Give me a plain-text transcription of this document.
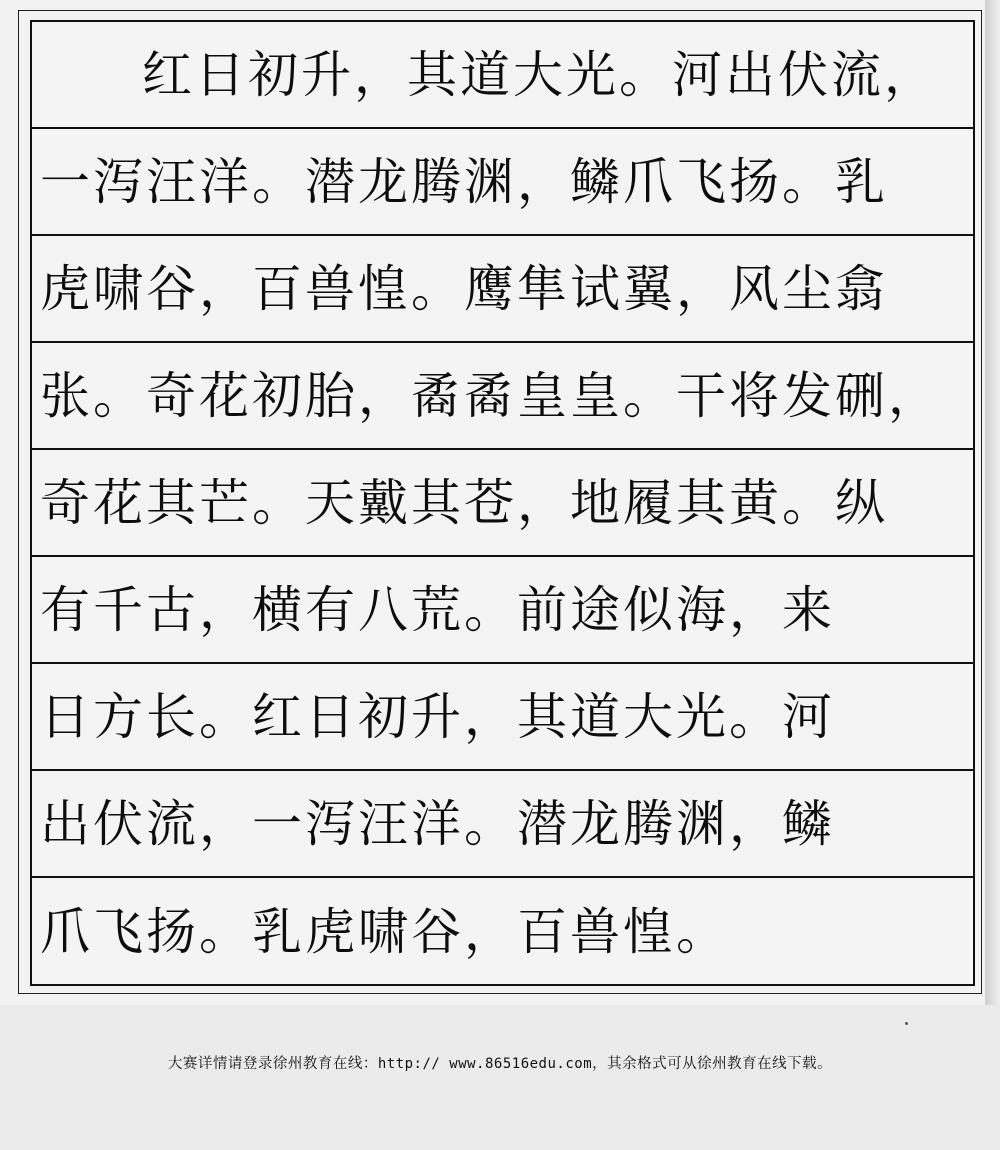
红日初升，其道大光。河出伏流，
一泻汪洋。潜龙腾渊，鳞爪飞扬。乳
虎啸谷，百兽惶。鹰隼试翼，风尘翕
张。奇花初胎，矞矞皇皇。干将发硎，
奇花其芒。天戴其苍，地履其黄。纵
有千古，横有八荒。前途似海，来
日方长。红日初升，其道大光。河
出伏流，一泻汪洋。潜龙腾渊，鳞
爪飞扬。乳虎啸谷，百兽惶。
大赛详情请登录徐州教育在线：http:// www.86516edu.com，其余格式可从徐州教育在线下载。
